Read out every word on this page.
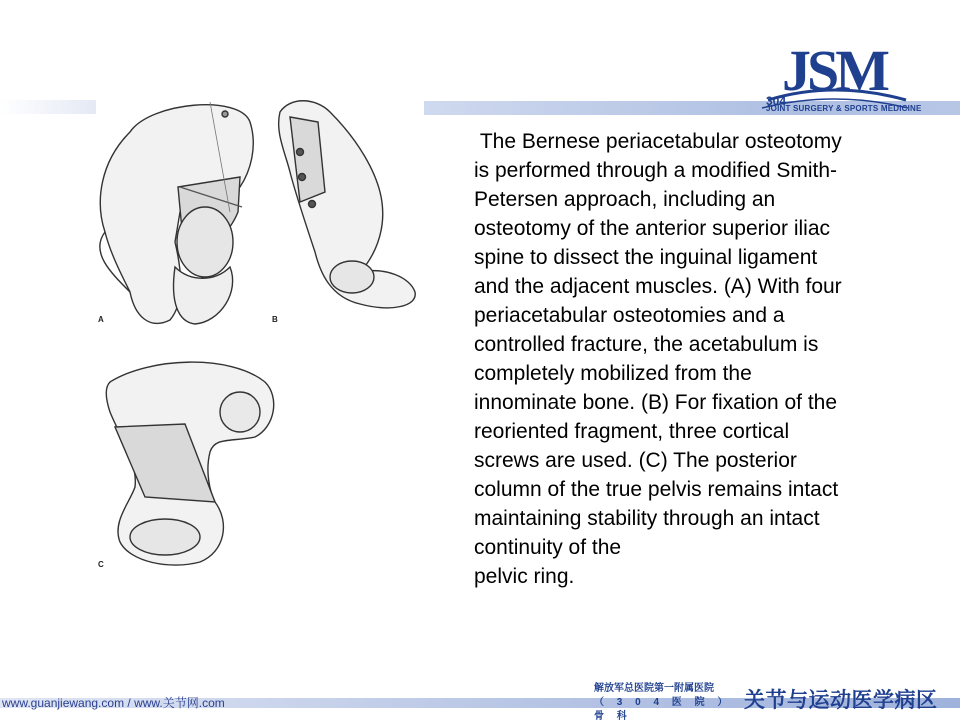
JSM
304
JOINT SURGERY & SPORTS MEDICINE
A	B
C
The Bernese periacetabular osteotomy
is performed through a modified Smith-
Petersen approach, including an
osteotomy of the anterior superior iliac
spine to dissect the inguinal ligament
and the adjacent muscles. (A) With four
periacetabular osteotomies and a
controlled fracture, the acetabulum is
completely mobilized from the
innominate bone. (B) For fixation of the
reoriented fragment, three cortical
screws are used. (C) The posterior
column of the true pelvis remains intact
maintaining stability through an intact
continuity of the
pelvic ring.
www.guanjiewang.com / www.关节网.com
解放军总医院第一附属医院
（ 3 0 4 医 院 ）骨 科
关节与运动医学病区
